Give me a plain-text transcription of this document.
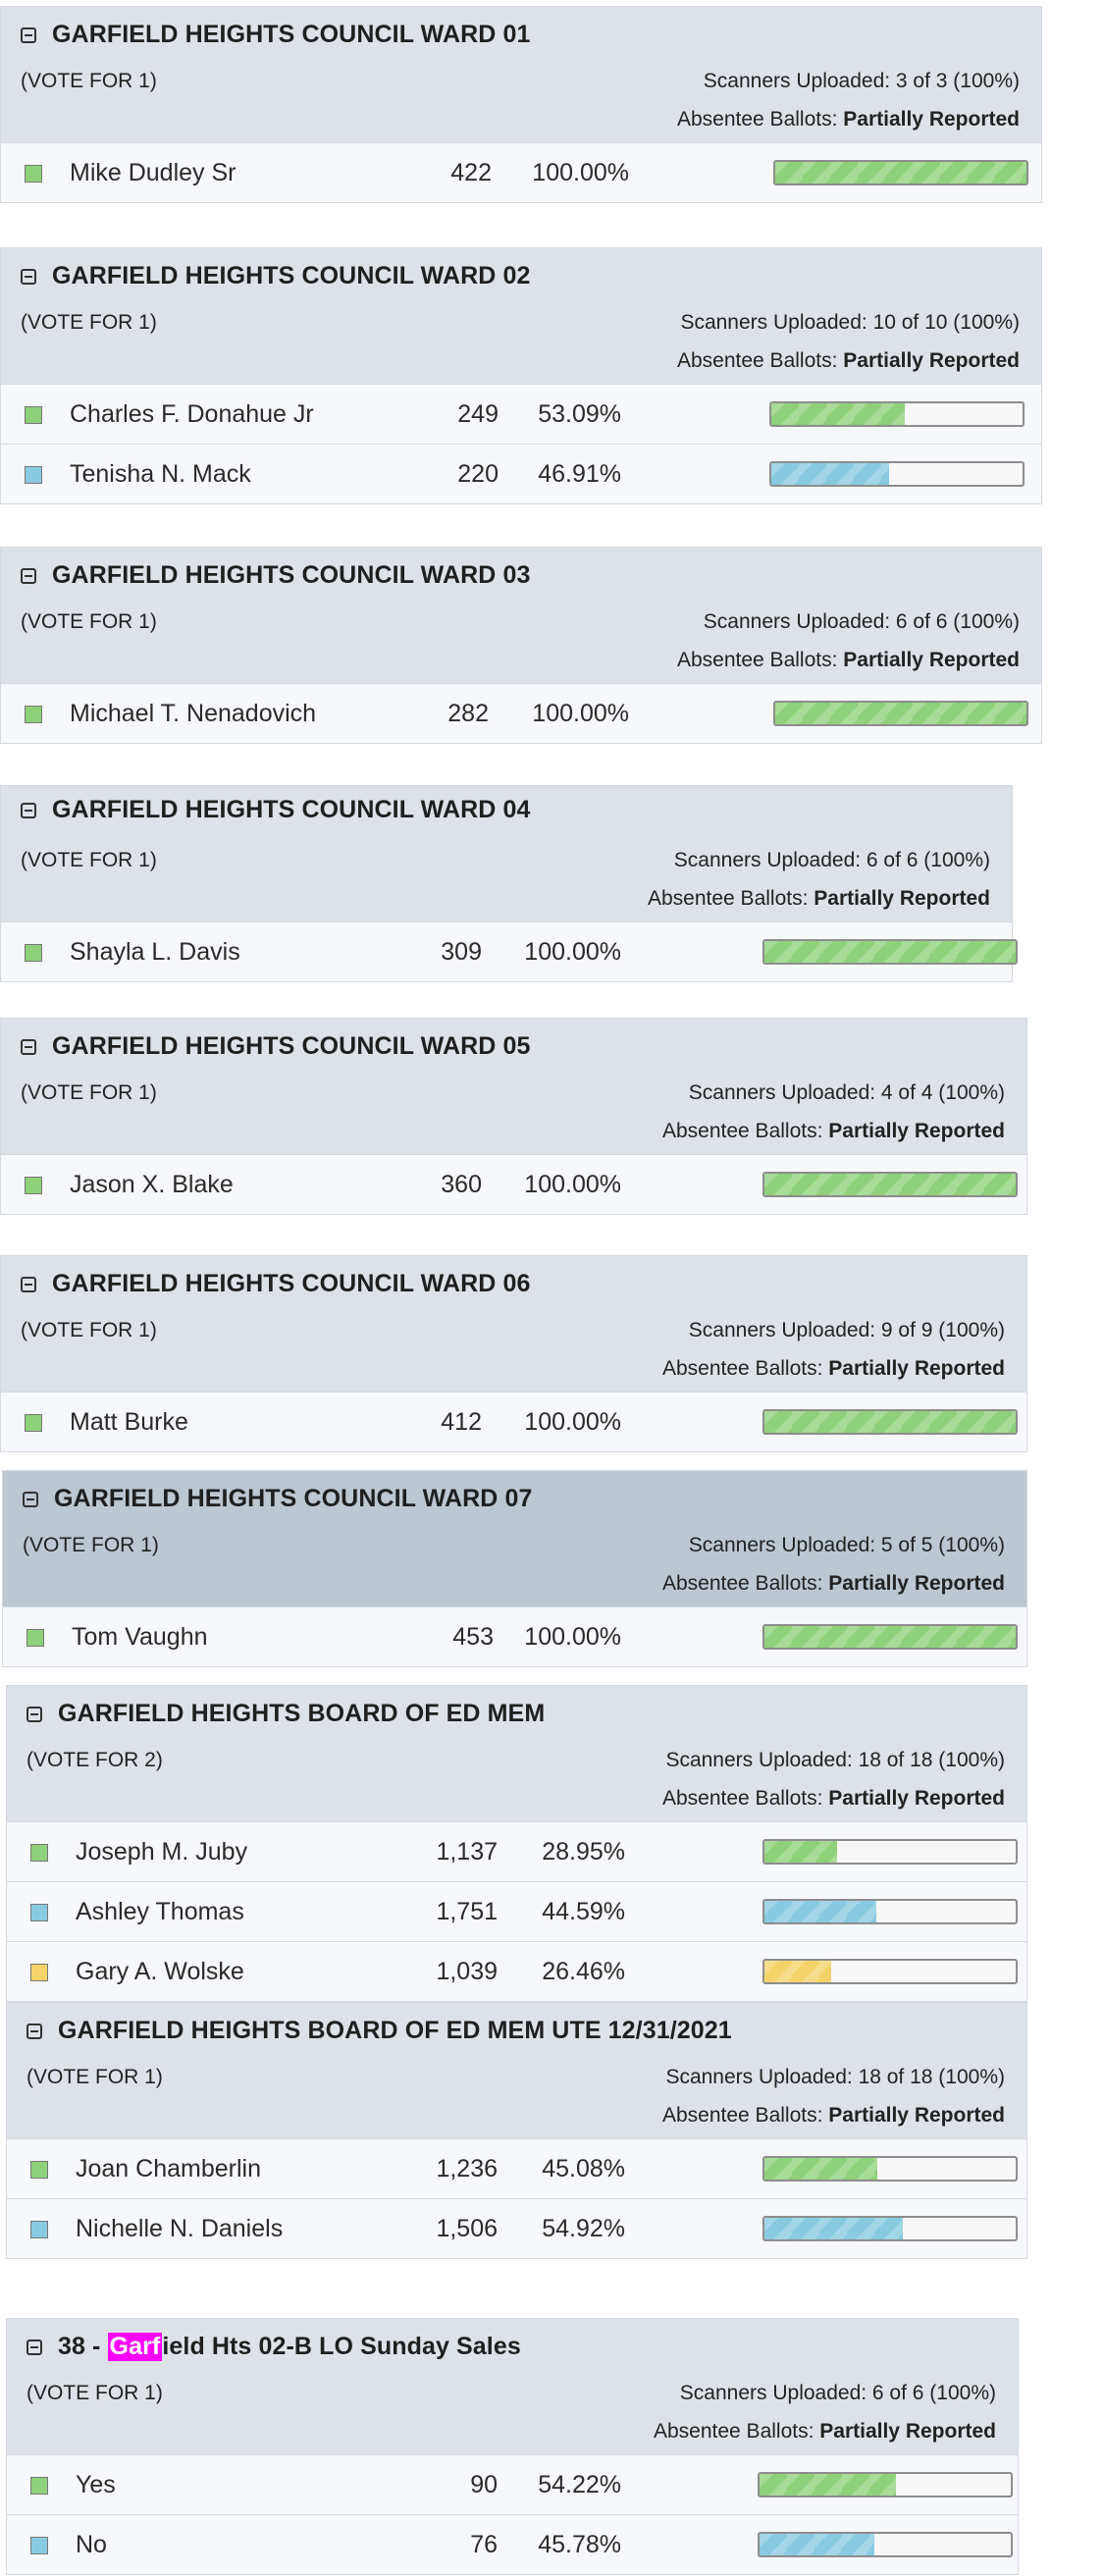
GARFIELD HEIGHTS COUNCIL WARD 01
(VOTE FOR 1)	Scanners Uploaded: 3 of 3 (100%)
Absentee Ballots: Partially Reported
Mike Dudley Sr	422	100.00%
GARFIELD HEIGHTS COUNCIL WARD 02
(VOTE FOR 1)	Scanners Uploaded: 10 of 10 (100%)
Absentee Ballots: Partially Reported
Charles F. Donahue Jr	249	53.09%
Tenisha N. Mack	220	46.91%
GARFIELD HEIGHTS COUNCIL WARD 03
(VOTE FOR 1)	Scanners Uploaded: 6 of 6 (100%)
Absentee Ballots: Partially Reported
Michael T. Nenadovich	282	100.00%
GARFIELD HEIGHTS COUNCIL WARD 04
(VOTE FOR 1)	Scanners Uploaded: 6 of 6 (100%)
Absentee Ballots: Partially Reported
Shayla L. Davis	309	100.00%
GARFIELD HEIGHTS COUNCIL WARD 05
(VOTE FOR 1)	Scanners Uploaded: 4 of 4 (100%)
Absentee Ballots: Partially Reported
Jason X. Blake	360	100.00%
GARFIELD HEIGHTS COUNCIL WARD 06
(VOTE FOR 1)	Scanners Uploaded: 9 of 9 (100%)
Absentee Ballots: Partially Reported
Matt Burke	412	100.00%
GARFIELD HEIGHTS COUNCIL WARD 07
(VOTE FOR 1)	Scanners Uploaded: 5 of 5 (100%)
Absentee Ballots: Partially Reported
Tom Vaughn	453	100.00%
GARFIELD HEIGHTS BOARD OF ED MEM
(VOTE FOR 2)	Scanners Uploaded: 18 of 18 (100%)
Absentee Ballots: Partially Reported
Joseph M. Juby	1,137	28.95%
Ashley Thomas	1,751	44.59%
Gary A. Wolske	1,039	26.46%
GARFIELD HEIGHTS BOARD OF ED MEM UTE 12/31/2021
(VOTE FOR 1)	Scanners Uploaded: 18 of 18 (100%)
Absentee Ballots: Partially Reported
Joan Chamberlin	1,236	45.08%
Nichelle N. Daniels	1,506	54.92%
38 - Garf ield Hts 02-B LO Sunday Sales
(VOTE FOR 1)	Scanners Uploaded: 6 of 6 (100%)
Absentee Ballots: Partially Reported
Yes	90	54.22%
No	76	45.78%
